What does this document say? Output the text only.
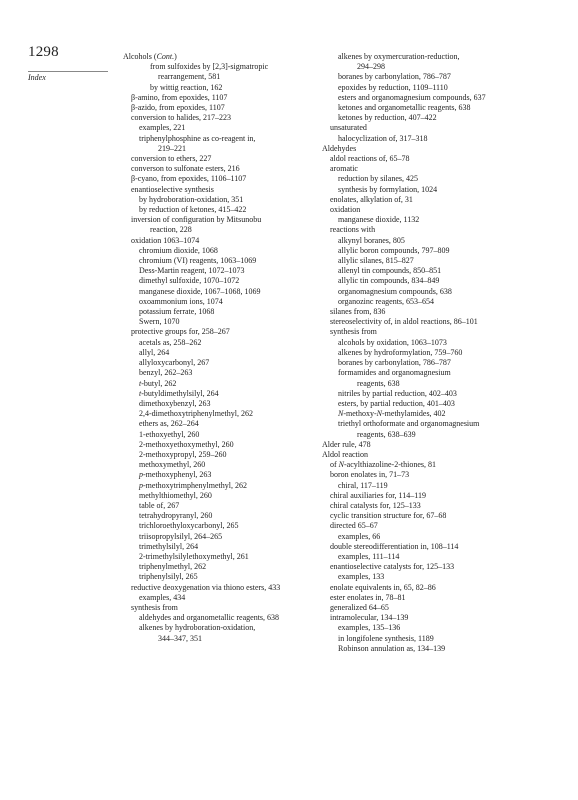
1298
Index
Alcohols (Cont.)
from sulfoxides by [2,3]-sigmatropic
rearrangement, 581
by wittig reaction, 162
β-amino, from epoxides, 1107
β-azido, from epoxides, 1107
conversion to halides, 217–223
examples, 221
triphenylphosphine as co-reagent in,
219–221
conversion to ethers, 227
converson to sulfonate esters, 216
β-cyano, from epoxides, 1106–1107
enantioselective synthesis
by hydroboration-oxidation, 351
by reduction of ketones, 415–422
inversion of configuration by Mitsunobu
reaction, 228
oxidation 1063–1074
chromium dioxide, 1068
chromium (VI) reagents, 1063–1069
Dess-Martin reagent, 1072–1073
dimethyl sulfoxide, 1070–1072
manganese dioxide, 1067–1068, 1069
oxoammonium ions, 1074
potassium ferrate, 1068
Swern, 1070
protective groups for, 258–267
acetals as, 258–262
allyl, 264
allyloxycarbonyl, 267
benzyl, 262–263
t-butyl, 262
t-butyldimethylsilyl, 264
dimethoxybenzyl, 263
2,4-dimethoxytriphenylmethyl, 262
ethers as, 262–264
1-ethoxyethyl, 260
2-methoxyethoxymethyl, 260
2-methoxypropyl, 259–260
methoxymethyl, 260
p-methoxyphenyl, 263
p-methoxytrimphenylmethyl, 262
methylthiomethyl, 260
table of, 267
tetrahydropyranyl, 260
trichloroethyloxycarbonyl, 265
triisopropylsilyl, 264–265
trimethylsilyl, 264
2-trimethylsilylethoxymethyl, 261
triphenylmethyl, 262
triphenylsilyl, 265
reductive deoxygenation via thiono esters, 433
examples, 434
synthesis from
aldehydes and organometallic reagents, 638
alkenes by hydroboration-oxidation,
344–347, 351
alkenes by oxymercuration-reduction,
294–298
boranes by carbonylation, 786–787
epoxides by reduction, 1109–1110
esters and organomagnesium compounds, 637
ketones and organometallic reagents, 638
ketones by reduction, 407–422
unsaturated
halocyclization of, 317–318
Aldehydes
aldol reactions of, 65–78
aromatic
reduction by silanes, 425
synthesis by formylation, 1024
enolates, alkylation of, 31
oxidation
manganese dioxide, 1132
reactions with
alkynyl boranes, 805
allylic boron compounds, 797–809
allylic silanes, 815–827
allenyl tin compounds, 850–851
allylic tin compounds, 834–849
organomagnesium compounds, 638
organozinc reagents, 653–654
silanes from, 836
stereoselectivity of, in aldol reactions, 86–101
synthesis from
alcohols by oxidation, 1063–1073
alkenes by hydroformylation, 759–760
boranes by carbonylation, 786–787
formamides and organomagnesium
reagents, 638
nitriles by partial reduction, 402–403
esters, by partial reduction, 401–403
N-methoxy-N-methylamides, 402
triethyl orthoformate and organomagnesium
reagents, 638–639
Alder rule, 478
Aldol reaction
of N-acylthiazoline-2-thiones, 81
boron enolates in, 71–73
chiral, 117–119
chiral auxiliaries for, 114–119
chiral catalysts for, 125–133
cyclic transition structure for, 67–68
directed 65–67
examples, 66
double stereodifferentiation in, 108–114
examples, 111–114
enantioselective catalysts for, 125–133
examples, 133
enolate equivalents in, 65, 82–86
ester enolates in, 78–81
generalized 64–65
intramolecular, 134–139
examples, 135–136
in longifolene synthesis, 1189
Robinson annulation as, 134–139
